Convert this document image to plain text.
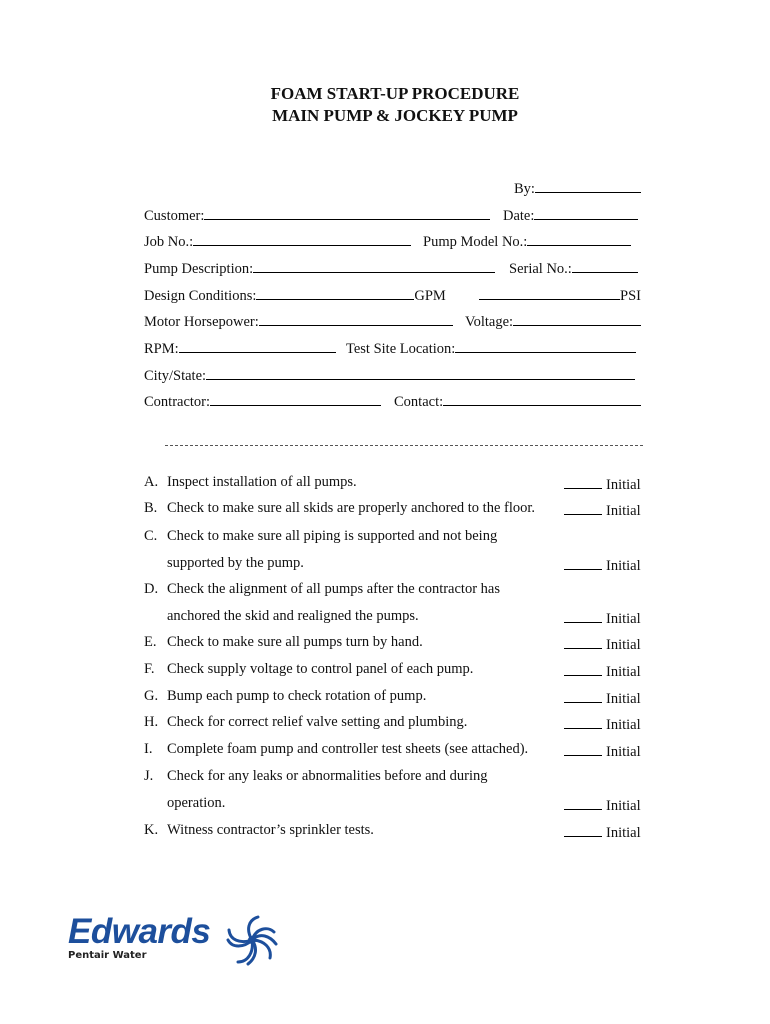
FOAM START-UP PROCEDURE
MAIN PUMP & JOCKEY PUMP
By:
Customer:	Date:
Job No.:	Pump Model No.:
Pump Description:	Serial No.:
Design Conditions:	GPM	PSI
Motor Horsepower:	Voltage:
RPM:	Test Site Location:
City/State:
Contractor:	Contact:
A. Inspect installation of all pumps.	Initial
B. Check to make sure all skids are properly anchored to the floor.	Initial
C. Check to make sure all piping is supported and not being
supported by the pump.	Initial
D. Check the alignment of all pumps after the contractor has
anchored the skid and realigned the pumps.	Initial
E. Check to make sure all pumps turn by hand.	Initial
F. Check supply voltage to control panel of each pump.	Initial
G. Bump each pump to check rotation of pump.	Initial
H. Check for correct relief valve setting and plumbing.	Initial
I. Complete foam pump and controller test sheets (see attached).	Initial
J. Check for any leaks or abnormalities before and during
operation.	Initial
K. Witness contractor’s sprinkler tests.	Initial
Edwards
Pentair Water
